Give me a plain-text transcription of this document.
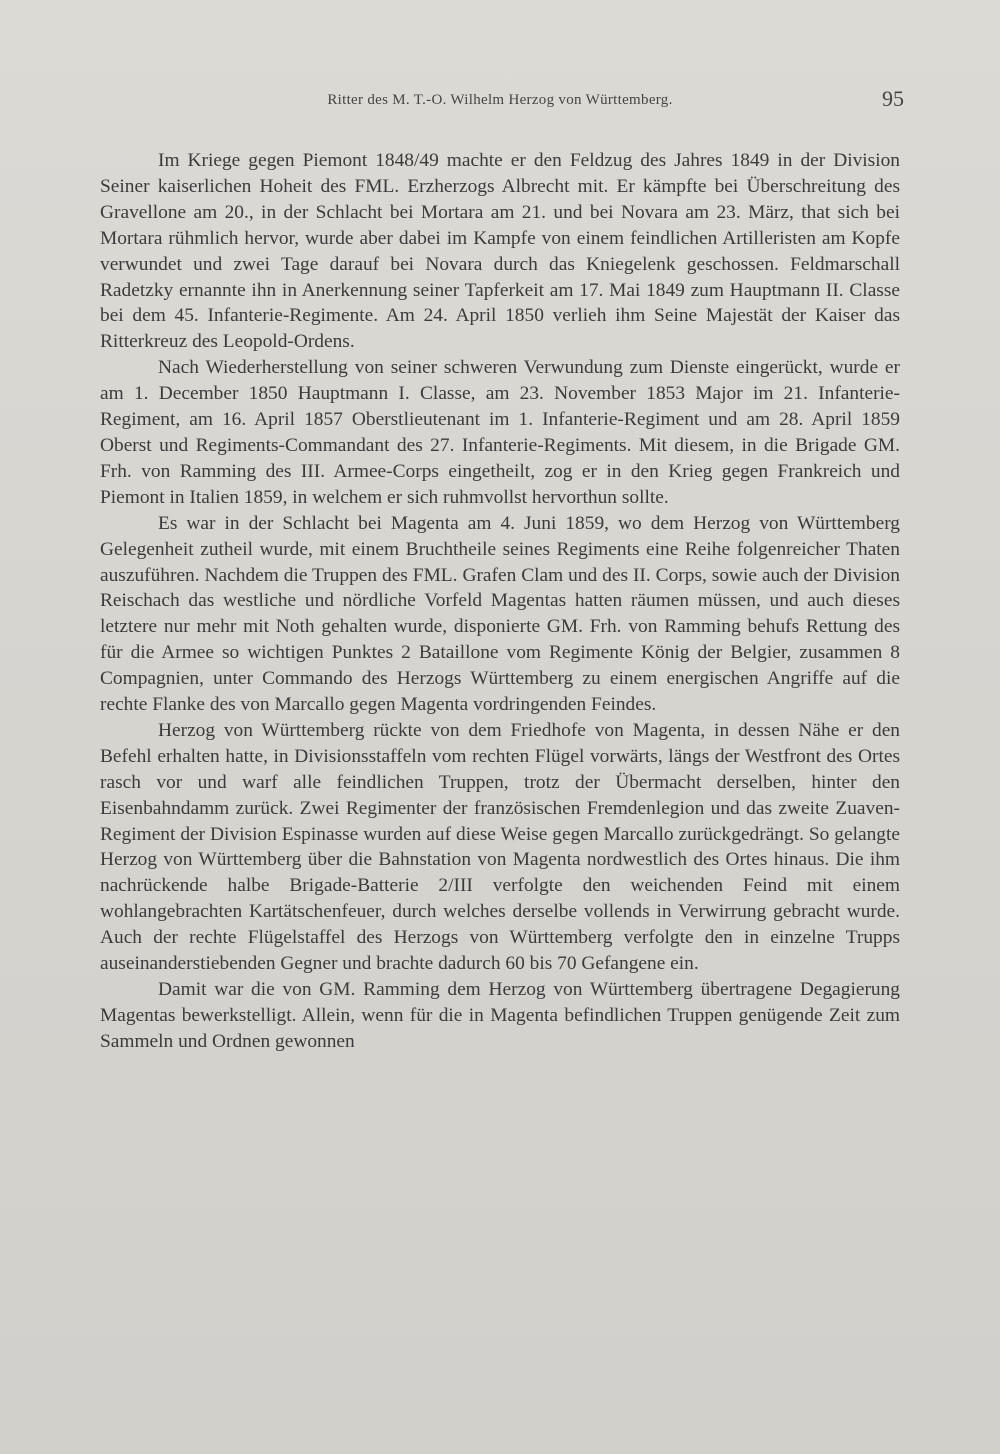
Ritter des M. T.-O. Wilhelm Herzog von Württemberg.	95

Im Kriege gegen Piemont 1848/49 machte er den Feldzug des Jahres 1849 in der Division Seiner kaiserlichen Hoheit des FML. Erzherzogs Albrecht mit. Er kämpfte bei Überschreitung des Gravellone am 20., in der Schlacht bei Mortara am 21. und bei Novara am 23. März, that sich bei Mortara rühmlich hervor, wurde aber dabei im Kampfe von einem feindlichen Artilleristen am Kopfe verwundet und zwei Tage darauf bei Novara durch das Kniegelenk geschossen. Feldmarschall Radetzky ernannte ihn in Anerkennung seiner Tapferkeit am 17. Mai 1849 zum Hauptmann II. Classe bei dem 45. Infanterie-Regimente. Am 24. April 1850 verlieh ihm Seine Majestät der Kaiser das Ritterkreuz des Leopold-Ordens.

Nach Wiederherstellung von seiner schweren Verwundung zum Dienste eingerückt, wurde er am 1. December 1850 Hauptmann I. Classe, am 23. November 1853 Major im 21. Infanterie-Regiment, am 16. April 1857 Oberstlieutenant im 1. Infanterie-Regiment und am 28. April 1859 Oberst und Regiments-Commandant des 27. Infanterie-Regiments. Mit diesem, in die Brigade GM. Frh. von Ramming des III. Armee-Corps eingetheilt, zog er in den Krieg gegen Frankreich und Piemont in Italien 1859, in welchem er sich ruhmvollst hervorthun sollte.

Es war in der Schlacht bei Magenta am 4. Juni 1859, wo dem Herzog von Württemberg Gelegenheit zutheil wurde, mit einem Bruchtheile seines Regiments eine Reihe folgenreicher Thaten auszuführen. Nachdem die Truppen des FML. Grafen Clam und des II. Corps, sowie auch der Division Reischach das westliche und nördliche Vorfeld Magentas hatten räumen müssen, und auch dieses letztere nur mehr mit Noth gehalten wurde, disponierte GM. Frh. von Ramming behufs Rettung des für die Armee so wichtigen Punktes 2 Bataillone vom Regimente König der Belgier, zusammen 8 Compagnien, unter Commando des Herzogs Württemberg zu einem energischen Angriffe auf die rechte Flanke des von Marcallo gegen Magenta vordringenden Feindes.

Herzog von Württemberg rückte von dem Friedhofe von Magenta, in dessen Nähe er den Befehl erhalten hatte, in Divisionsstaffeln vom rechten Flügel vorwärts, längs der Westfront des Ortes rasch vor und warf alle feindlichen Truppen, trotz der Übermacht derselben, hinter den Eisenbahndamm zurück. Zwei Regimenter der französischen Fremdenlegion und das zweite Zuaven-Regiment der Division Espinasse wurden auf diese Weise gegen Marcallo zurückgedrängt. So gelangte Herzog von Württemberg über die Bahnstation von Magenta nordwestlich des Ortes hinaus. Die ihm nachrückende halbe Brigade-Batterie 2/III verfolgte den weichenden Feind mit einem wohlangebrachten Kartätschenfeuer, durch welches derselbe vollends in Verwirrung gebracht wurde. Auch der rechte Flügelstaffel des Herzogs von Württemberg verfolgte den in einzelne Trupps auseinanderstiebenden Gegner und brachte dadurch 60 bis 70 Gefangene ein.

Damit war die von GM. Ramming dem Herzog von Württemberg übertragene Degagierung Magentas bewerkstelligt. Allein, wenn für die in Magenta befindlichen Truppen genügende Zeit zum Sammeln und Ordnen gewonnen
